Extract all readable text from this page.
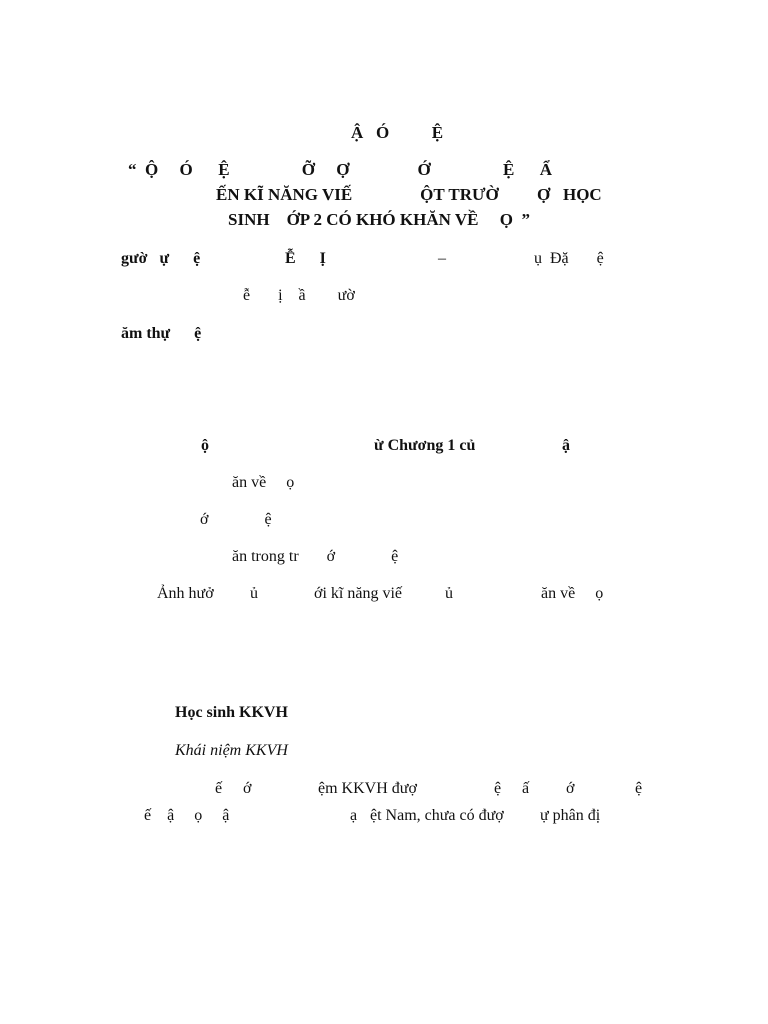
Ậ   Ó          Ệ
“  Ộ     Ó      Ệ                 Ỡ     Ợ                Ớ                 Ệ      Ẩ
ẾN KĨ NĂNG VIẾ                ỘT TRƯỜ         Ợ   HỌC
SINH    ỚP 2 CÓ KHÓ KHĂN VỀ     Ọ  ”
gườ   ự      ệ	Ễ      Ị	–	ụ  Đặ       ệ
ễ       ị    ầ        ườ
ăm thự      ệ
ộ	ừ Chương 1 củ	ậ
ăn về     ọ
ớ              ệ
ăn trong tr       ớ              ệ
Ảnh hưở ủ	ới kĩ năng viế	ủ	ăn về     ọ
Học sinh KKVH
Khái niệm KKVH
ế ớ	ệm KKVH đượ	ệ ấ ớ	ệ
ế    ậ     ọ     ậ	ạ ệt Nam, chưa có đượ ự phân đị
